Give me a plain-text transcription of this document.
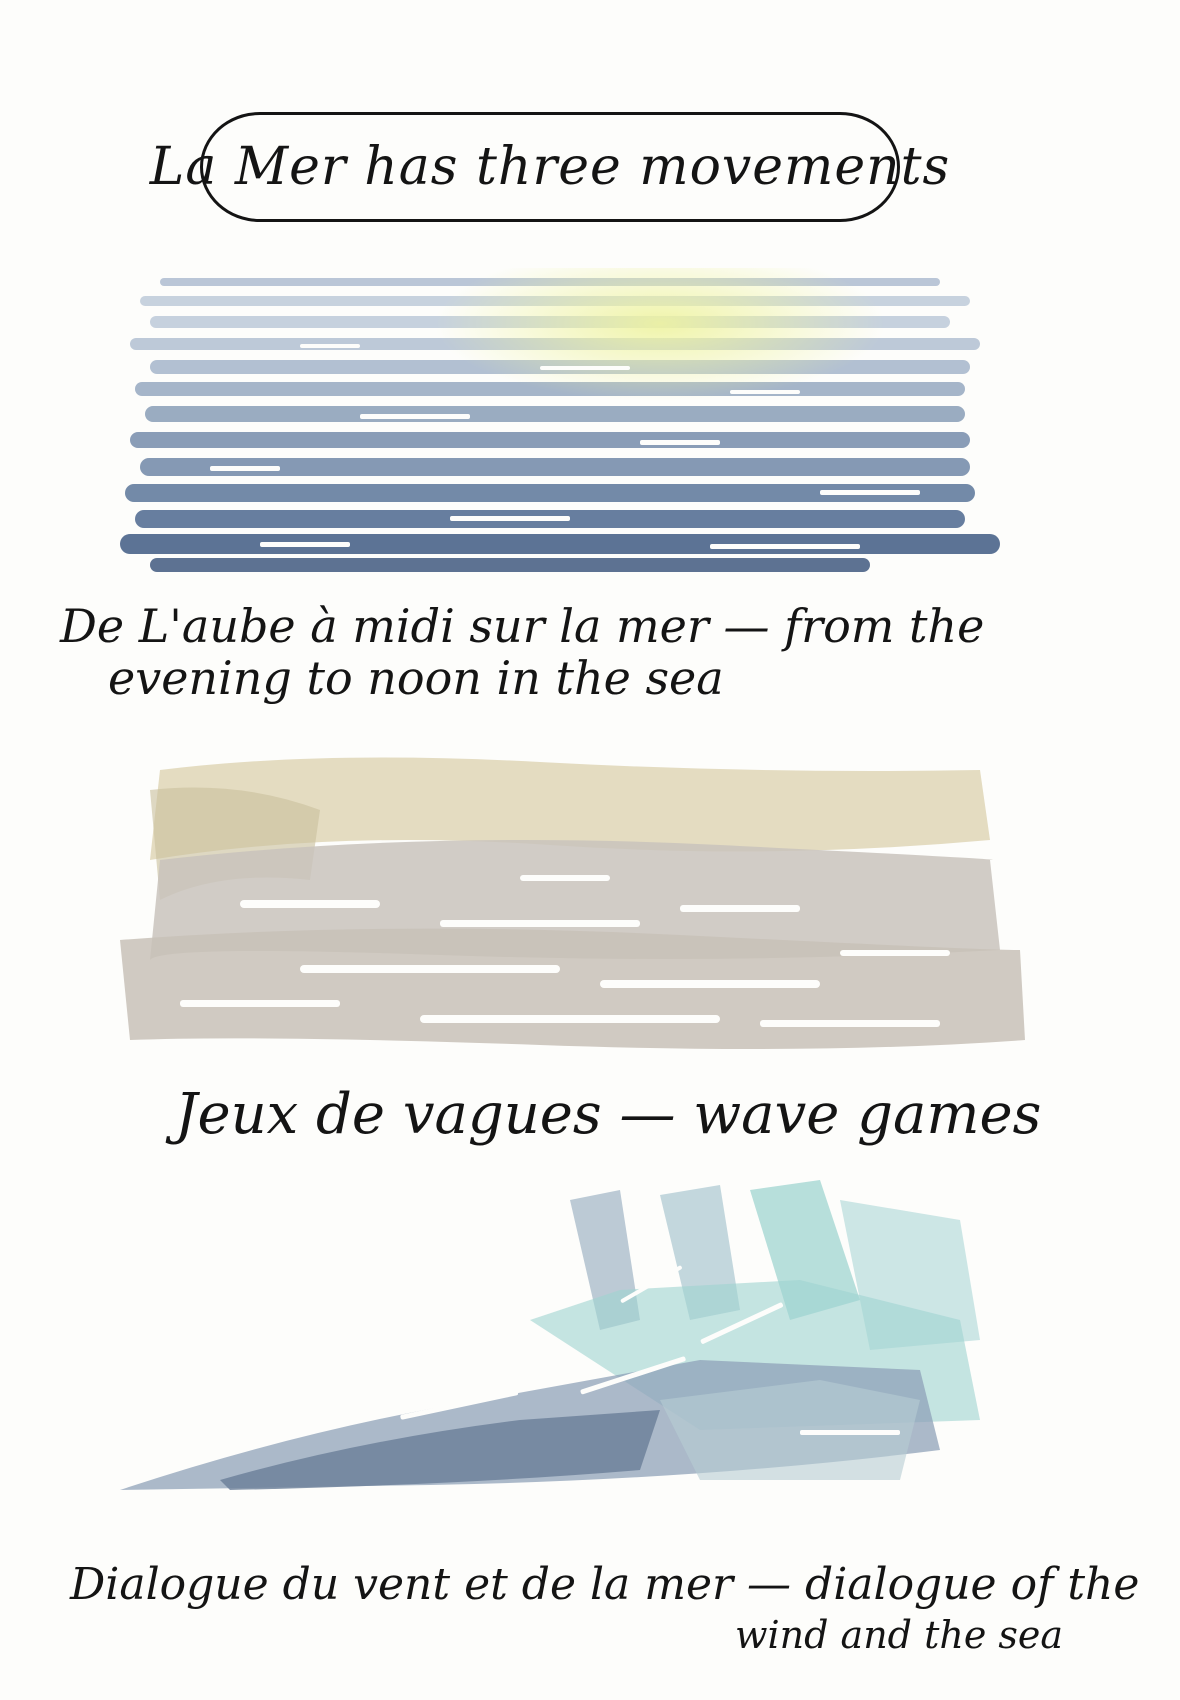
La Mer has three movements
De L'aube à midi sur la mer — from the
evening to noon in the sea
Jeux de vagues — wave games
Dialogue du vent et de la mer — dialogue of the
wind and the sea
